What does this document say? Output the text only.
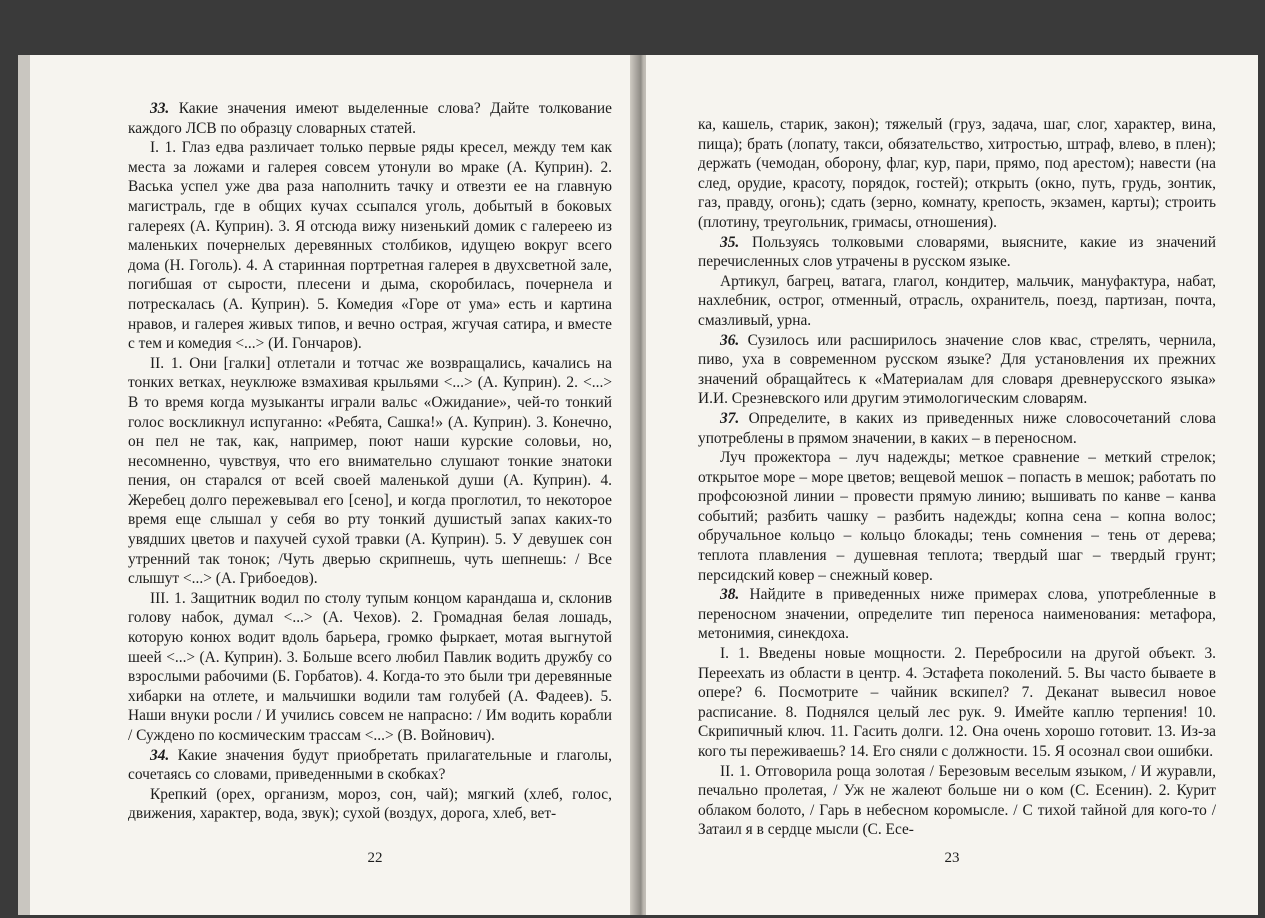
33. Какие значения имеют выделенные слова? Дайте толкование каждого ЛСВ по образцу словарных статей.

I. 1. Глаз едва различает только первые ряды кресел, между тем как места за ложами и галерея совсем утонули во мраке (А. Куприн). 2. Васька успел уже два раза наполнить тачку и отвезти ее на главную магистраль, где в общих кучах ссыпался уголь, добытый в боковых галереях (А. Куприн). 3. Я отсюда вижу низенький домик с галереею из маленьких почернелых деревянных столбиков, идущею вокруг всего дома (Н. Гоголь). 4. А старинная портретная галерея в двухсветной зале, погибшая от сырости, плесени и дыма, скоробилась, почернела и потрескалась (А. Куприн). 5. Комедия «Горе от ума» есть и картина нравов, и галерея живых типов, и вечно острая, жгучая сатира, и вместе с тем и комедия <...> (И. Гончаров).

II. 1. Они [галки] отлетали и тотчас же возвращались, качались на тонких ветках, неуклюже взмахивая крыльями <...> (А. Куприн). 2. <...> В то время когда музыканты играли вальс «Ожидание», чей-то тонкий голос воскликнул испуганно: «Ребята, Сашка!» (А. Куприн). 3. Конечно, он пел не так, как, например, поют наши курские соловьи, но, несомненно, чувствуя, что его внимательно слушают тонкие знатоки пения, он старался от всей своей маленькой души (А. Куприн). 4. Жеребец долго пережевывал его [сено], и когда проглотил, то некоторое время еще слышал у себя во рту тонкий душистый запах каких-то увядших цветов и пахучей сухой травки (А. Куприн). 5. У девушек сон утренний так тонок; /Чуть дверью скрипнешь, чуть шепнешь: / Все слышут <...> (А. Грибоедов).

III. 1. Защитник водил по столу тупым концом карандаша и, склонив голову набок, думал <...> (А. Чехов). 2. Громадная белая лошадь, которую конюх водит вдоль барьера, громко фыркает, мотая выгнутой шеей <...> (А. Куприн). 3. Больше всего любил Павлик водить дружбу со взрослыми рабочими (Б. Горбатов). 4. Когда-то это были три деревянные хибарки на отлете, и мальчишки водили там голубей (А. Фадеев). 5. Наши внуки росли / И учились совсем не напрасно: / Им водить корабли / Суждено по космическим трассам <...> (В. Войнович).

34. Какие значения будут приобретать прилагательные и глаголы, сочетаясь со словами, приведенными в скобках?

Крепкий (орех, организм, мороз, сон, чай); мягкий (хлеб, голос, движения, характер, вода, звук); сухой (воздух, дорога, хлеб, вет-

22

ка, кашель, старик, закон); тяжелый (груз, задача, шаг, слог, характер, вина, пища); брать (лопату, такси, обязательство, хитростью, штраф, влево, в плен); держать (чемодан, оборону, флаг, кур, пари, прямо, под арестом); навести (на след, орудие, красоту, порядок, гостей); открыть (окно, путь, грудь, зонтик, газ, правду, огонь); сдать (зерно, комнату, крепость, экзамен, карты); строить (плотину, треугольник, гримасы, отношения).

35. Пользуясь толковыми словарями, выясните, какие из значений перечисленных слов утрачены в русском языке.

Артикул, багрец, ватага, глагол, кондитер, мальчик, мануфактура, набат, нахлебник, острог, отменный, отрасль, охранитель, поезд, партизан, почта, смазливый, урна.

36. Сузилось или расширилось значение слов квас, стрелять, чернила, пиво, уха в современном русском языке? Для установления их прежних значений обращайтесь к «Материалам для словаря древнерусского языка» И.И. Срезневского или другим этимологическим словарям.

37. Определите, в каких из приведенных ниже словосочетаний слова употреблены в прямом значении, в каких – в переносном.

Луч прожектора – луч надежды; меткое сравнение – меткий стрелок; открытое море – море цветов; вещевой мешок – попасть в мешок; работать по профсоюзной линии – провести прямую линию; вышивать по канве – канва событий; разбить чашку – разбить надежды; копна сена – копна волос; обручальное кольцо – кольцо блокады; тень сомнения – тень от дерева; теплота плавления – душевная теплота; твердый шаг – твердый грунт; персидский ковер – снежный ковер.

38. Найдите в приведенных ниже примерах слова, употребленные в переносном значении, определите тип переноса наименования: метафора, метонимия, синекдоха.

I. 1. Введены новые мощности. 2. Перебросили на другой объект. 3. Переехать из области в центр. 4. Эстафета поколений. 5. Вы часто бываете в опере? 6. Посмотрите – чайник вскипел? 7. Деканат вывесил новое расписание. 8. Поднялся целый лес рук. 9. Имейте каплю терпения! 10. Скрипичный ключ. 11. Гасить долги. 12. Она очень хорошо готовит. 13. Из-за кого ты переживаешь? 14. Его сняли с должности. 15. Я осознал свои ошибки.

II. 1. Отговорила роща золотая / Березовым веселым языком, / И журавли, печально пролетая, / Уж не жалеют больше ни о ком (С. Есенин). 2. Курит облаком болото, / Гарь в небесном коромысле. / С тихой тайной для кого-то / Затаил я в сердце мысли (С. Есе-

23
